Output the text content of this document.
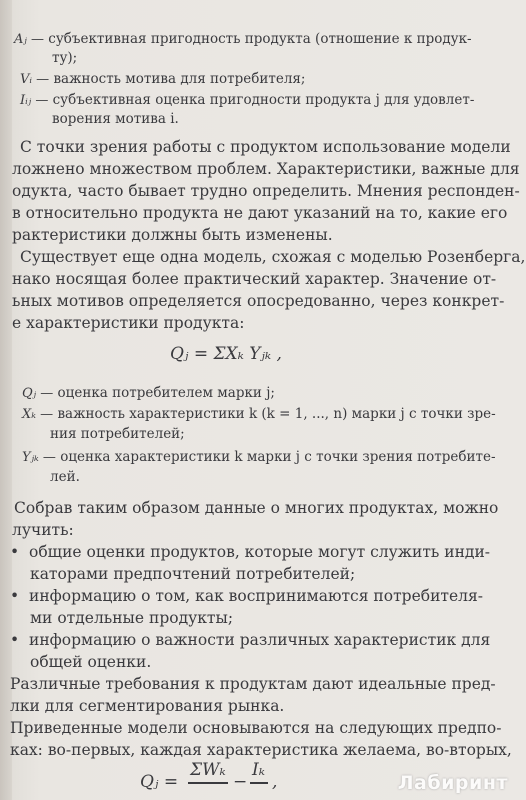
Aⱼ — субъективная пригодность продукта (отношение к продук-
ту);
Vᵢ — важность мотива для потребителя;
Iᵢⱼ — субъективная оценка пригодности продукта j для удовлет-
ворения мотива i.
С точки зрения работы с продуктом использование модели
ложнено множеством проблем. Характеристики, важные для
одукта, часто бывает трудно определить. Мнения респонден-
в относительно продукта не дают указаний на то, какие его
рактеристики должны быть изменены.
Существует еще одна модель, схожая с моделью Розенберга,
нако носящая более практический характер. Значение от-
ьных мотивов определяется опосредованно, через конкрет-
е характеристики продукта:
Qⱼ = ΣXₖ Yⱼₖ ,
Qⱼ — оценка потребителем марки j;
Xₖ — важность характеристики k (k = 1, ..., n) марки j с точки зре-
ния потребителей;
Yⱼₖ — оценка характеристики k марки j с точки зрения потребите-
лей.
Собрав таким образом данные о многих продуктах, можно
лучить:
•  общие оценки продуктов, которые могут служить инди-
каторами предпочтений потребителей;
•  информацию о том, как воспринимаются потребителя-
ми отдельные продукты;
•  информацию о важности различных характеристик для
общей оценки.
Различные требования к продуктам дают идеальные пред-
лки для сегментирования рынка.
Приведенные модели основываются на следующих предпо-
ках: во-первых, каждая характеристика желаема, во-вторых,
Qⱼ =
ΣWₖ
−
Iₖ
,	Лабиринт
